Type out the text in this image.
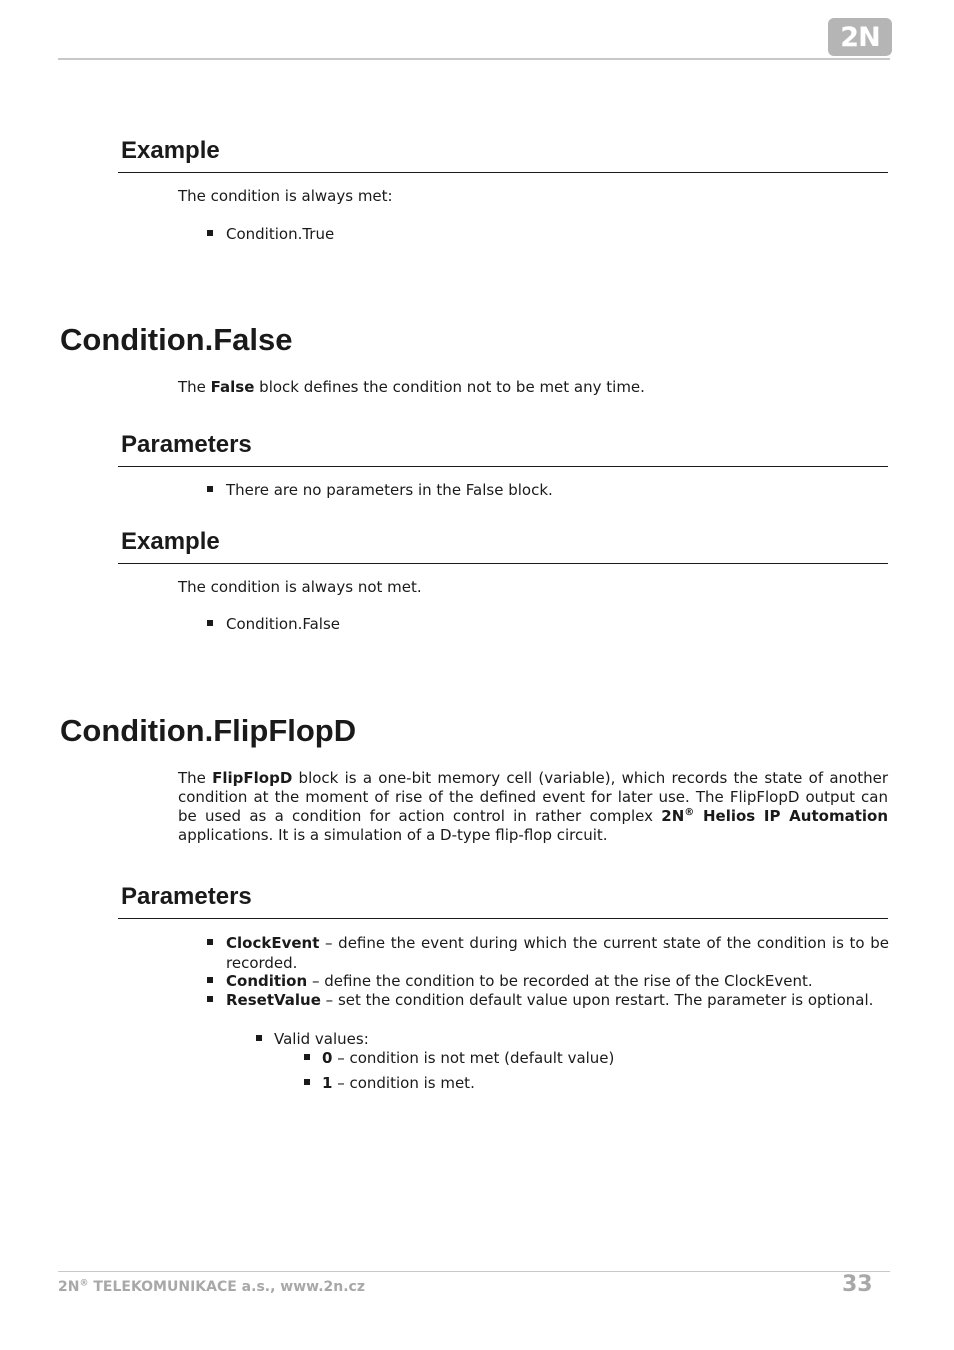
2N
Example

The condition is always met:

Condition.True
Condition.False

The False block defines the condition not to be met any time.

Parameters
There are no parameters in the False block.
Example

The condition is always not met.

Condition.False
Condition.FlipFlopD

The FlipFlopD block is a one-bit memory cell (variable), which records the state of another condition at the moment of rise of the defined event for later use. The FlipFlopD output can be used as a condition for action control in rather complex 2N® Helios IP Automation applications. It is a simulation of a D-type flip-flop circuit.

Parameters
ClockEvent – define the event during which the current state of the condition is to be recorded.
Condition – define the condition to be recorded at the rise of the ClockEvent.
ResetValue – set the condition default value upon restart. The parameter is optional.
Valid values:
0 – condition is not met (default value)
1 – condition is met.
2N® TELEKOMUNIKACE a.s., www.2n.cz	33
